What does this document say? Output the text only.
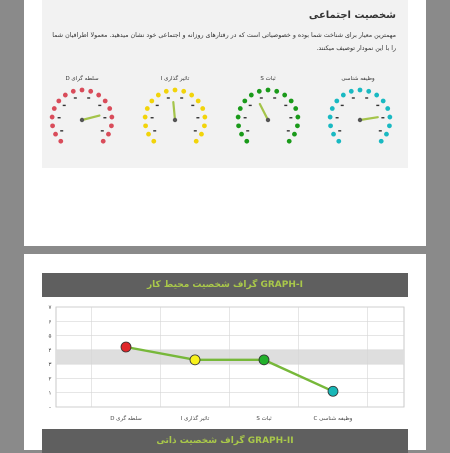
شخصیت اجتماعی
مهمترین معیار برای شناخت شما بوده و خصوصیاتی است که در رفتارهای روزانه و اجتماعی خود نشان میدهید. معمولا اطرافیان شما را با این نمودار توصیف میکنند.
سلطه گرای D	تاثیر گذاری I	ثبات S	وظیفه شناسی
گراف شخصیت محیط کار GRAPH-I
۷
۶
۵
۴
۳
۲
۱
-
سلطه گری D	تاثیر گذاری I	ثبات S	وظیفه شناسی C
گراف شخصیت ذاتی GRAPH-II
